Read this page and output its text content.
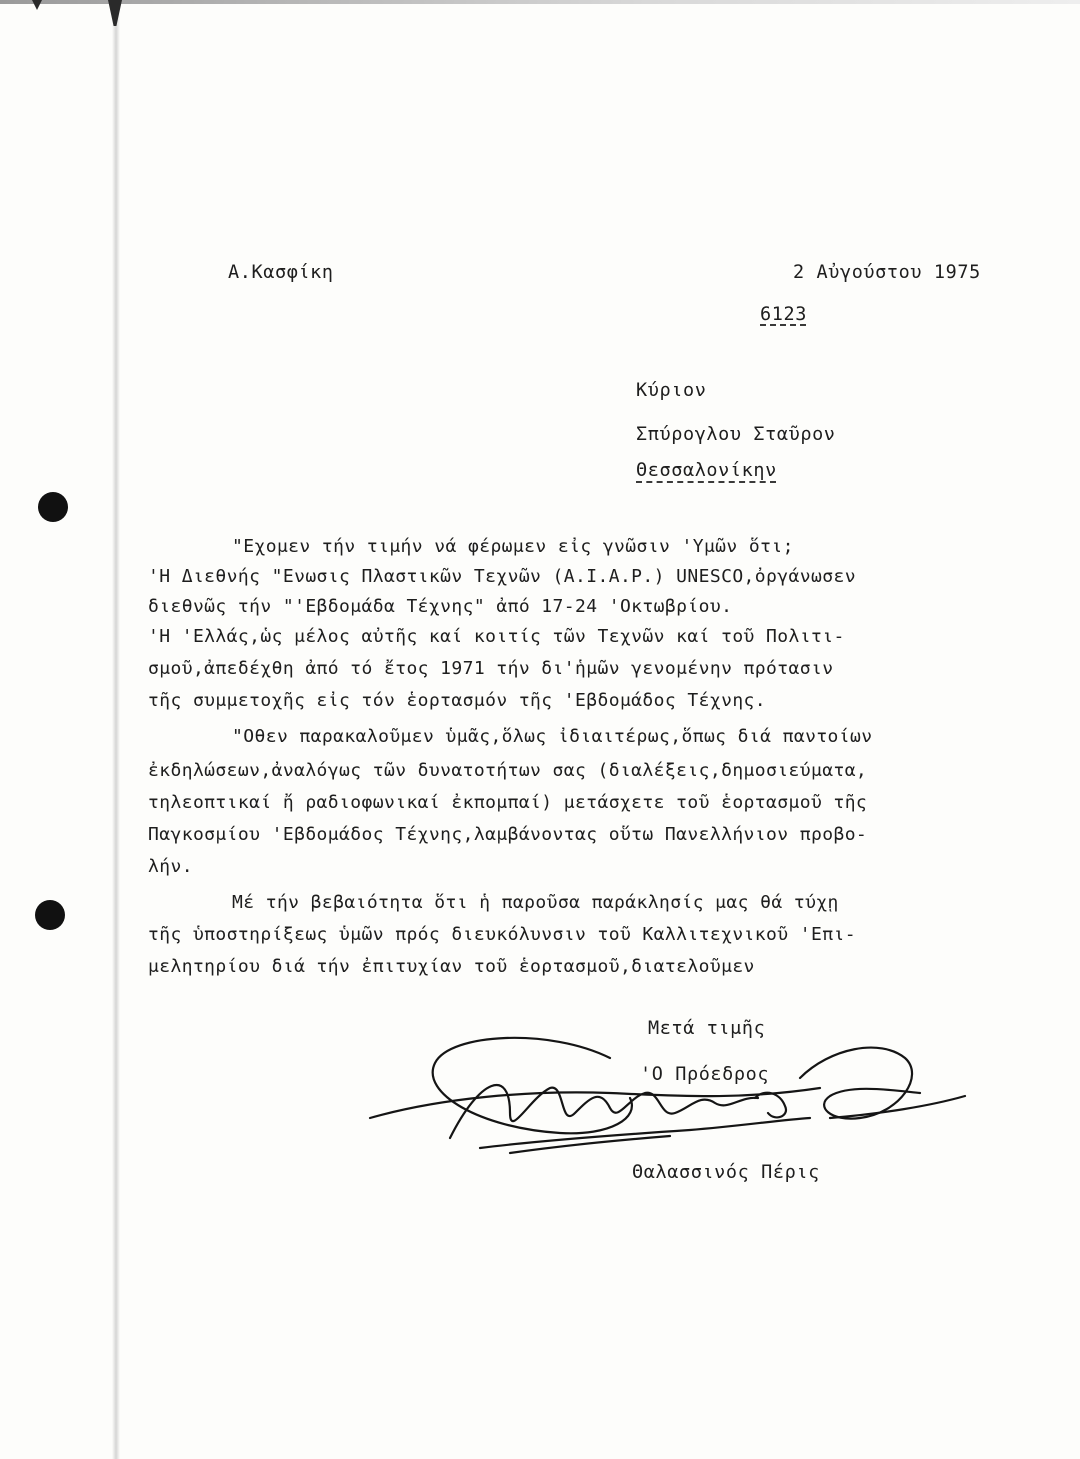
Α.Κασφίκη	2 Αὐγούστου 1975
6123
Κύριον
Σπύρογλου Σταῦρον
Θεσσαλονίκην
"Εχομεν τήν τιμήν νά φέρωμεν εἰς γνῶσιν 'Υμῶν ὅτι;
'Η Διεθνής "Ενωσις Πλαστικῶν Τεχνῶν (Α.Ι.Α.Ρ.) UNESCO,ὀργάνωσεν
διεθνῶς τήν "'Εβδομάδα Τέχνης" ἀπό 17-24 'Οκτωβρίου.
'Η 'Ελλάς,ὡς μέλος αὐτῆς καί κοιτίς τῶν Τεχνῶν καί τοῦ Πολιτι-
σμοῦ,ἀπεδέχθη ἀπό τό ἔτος 1971 τήν δι'ἡμῶν γενομένην πρότασιν
τῆς συμμετοχῆς εἰς τόν ἑορτασμόν τῆς 'Εβδομάδος Τέχνης.
"Οθεν παρακαλοῦμεν ὑμᾶς,ὅλως ἰδιαιτέρως,ὅπως διά παντοίων
ἐκδηλώσεων,ἀναλόγως τῶν δυνατοτήτων σας (διαλέξεις,δημοσιεύματα,
τηλεοπτικαί ἤ ραδιοφωνικαί ἐκπομπαί) μετάσχετε τοῦ ἑορτασμοῦ τῆς
Παγκοσμίου 'Εβδομάδος Τέχνης,λαμβάνοντας οὕτω Πανελλήνιον προβο-
λήν.
Μέ τήν βεβαιότητα ὅτι ἡ παροῦσα παράκλησίς μας θά τύχῃ
τῆς ὑποστηρίξεως ὑμῶν πρός διευκόλυνσιν τοῦ Καλλιτεχνικοῦ 'Επι-
μελητηρίου διά τήν ἐπιτυχίαν τοῦ ἑορτασμοῦ,διατελοῦμεν
Μετά τιμῆς
'Ο Πρόεδρος
Θαλασσινός Πέρις
